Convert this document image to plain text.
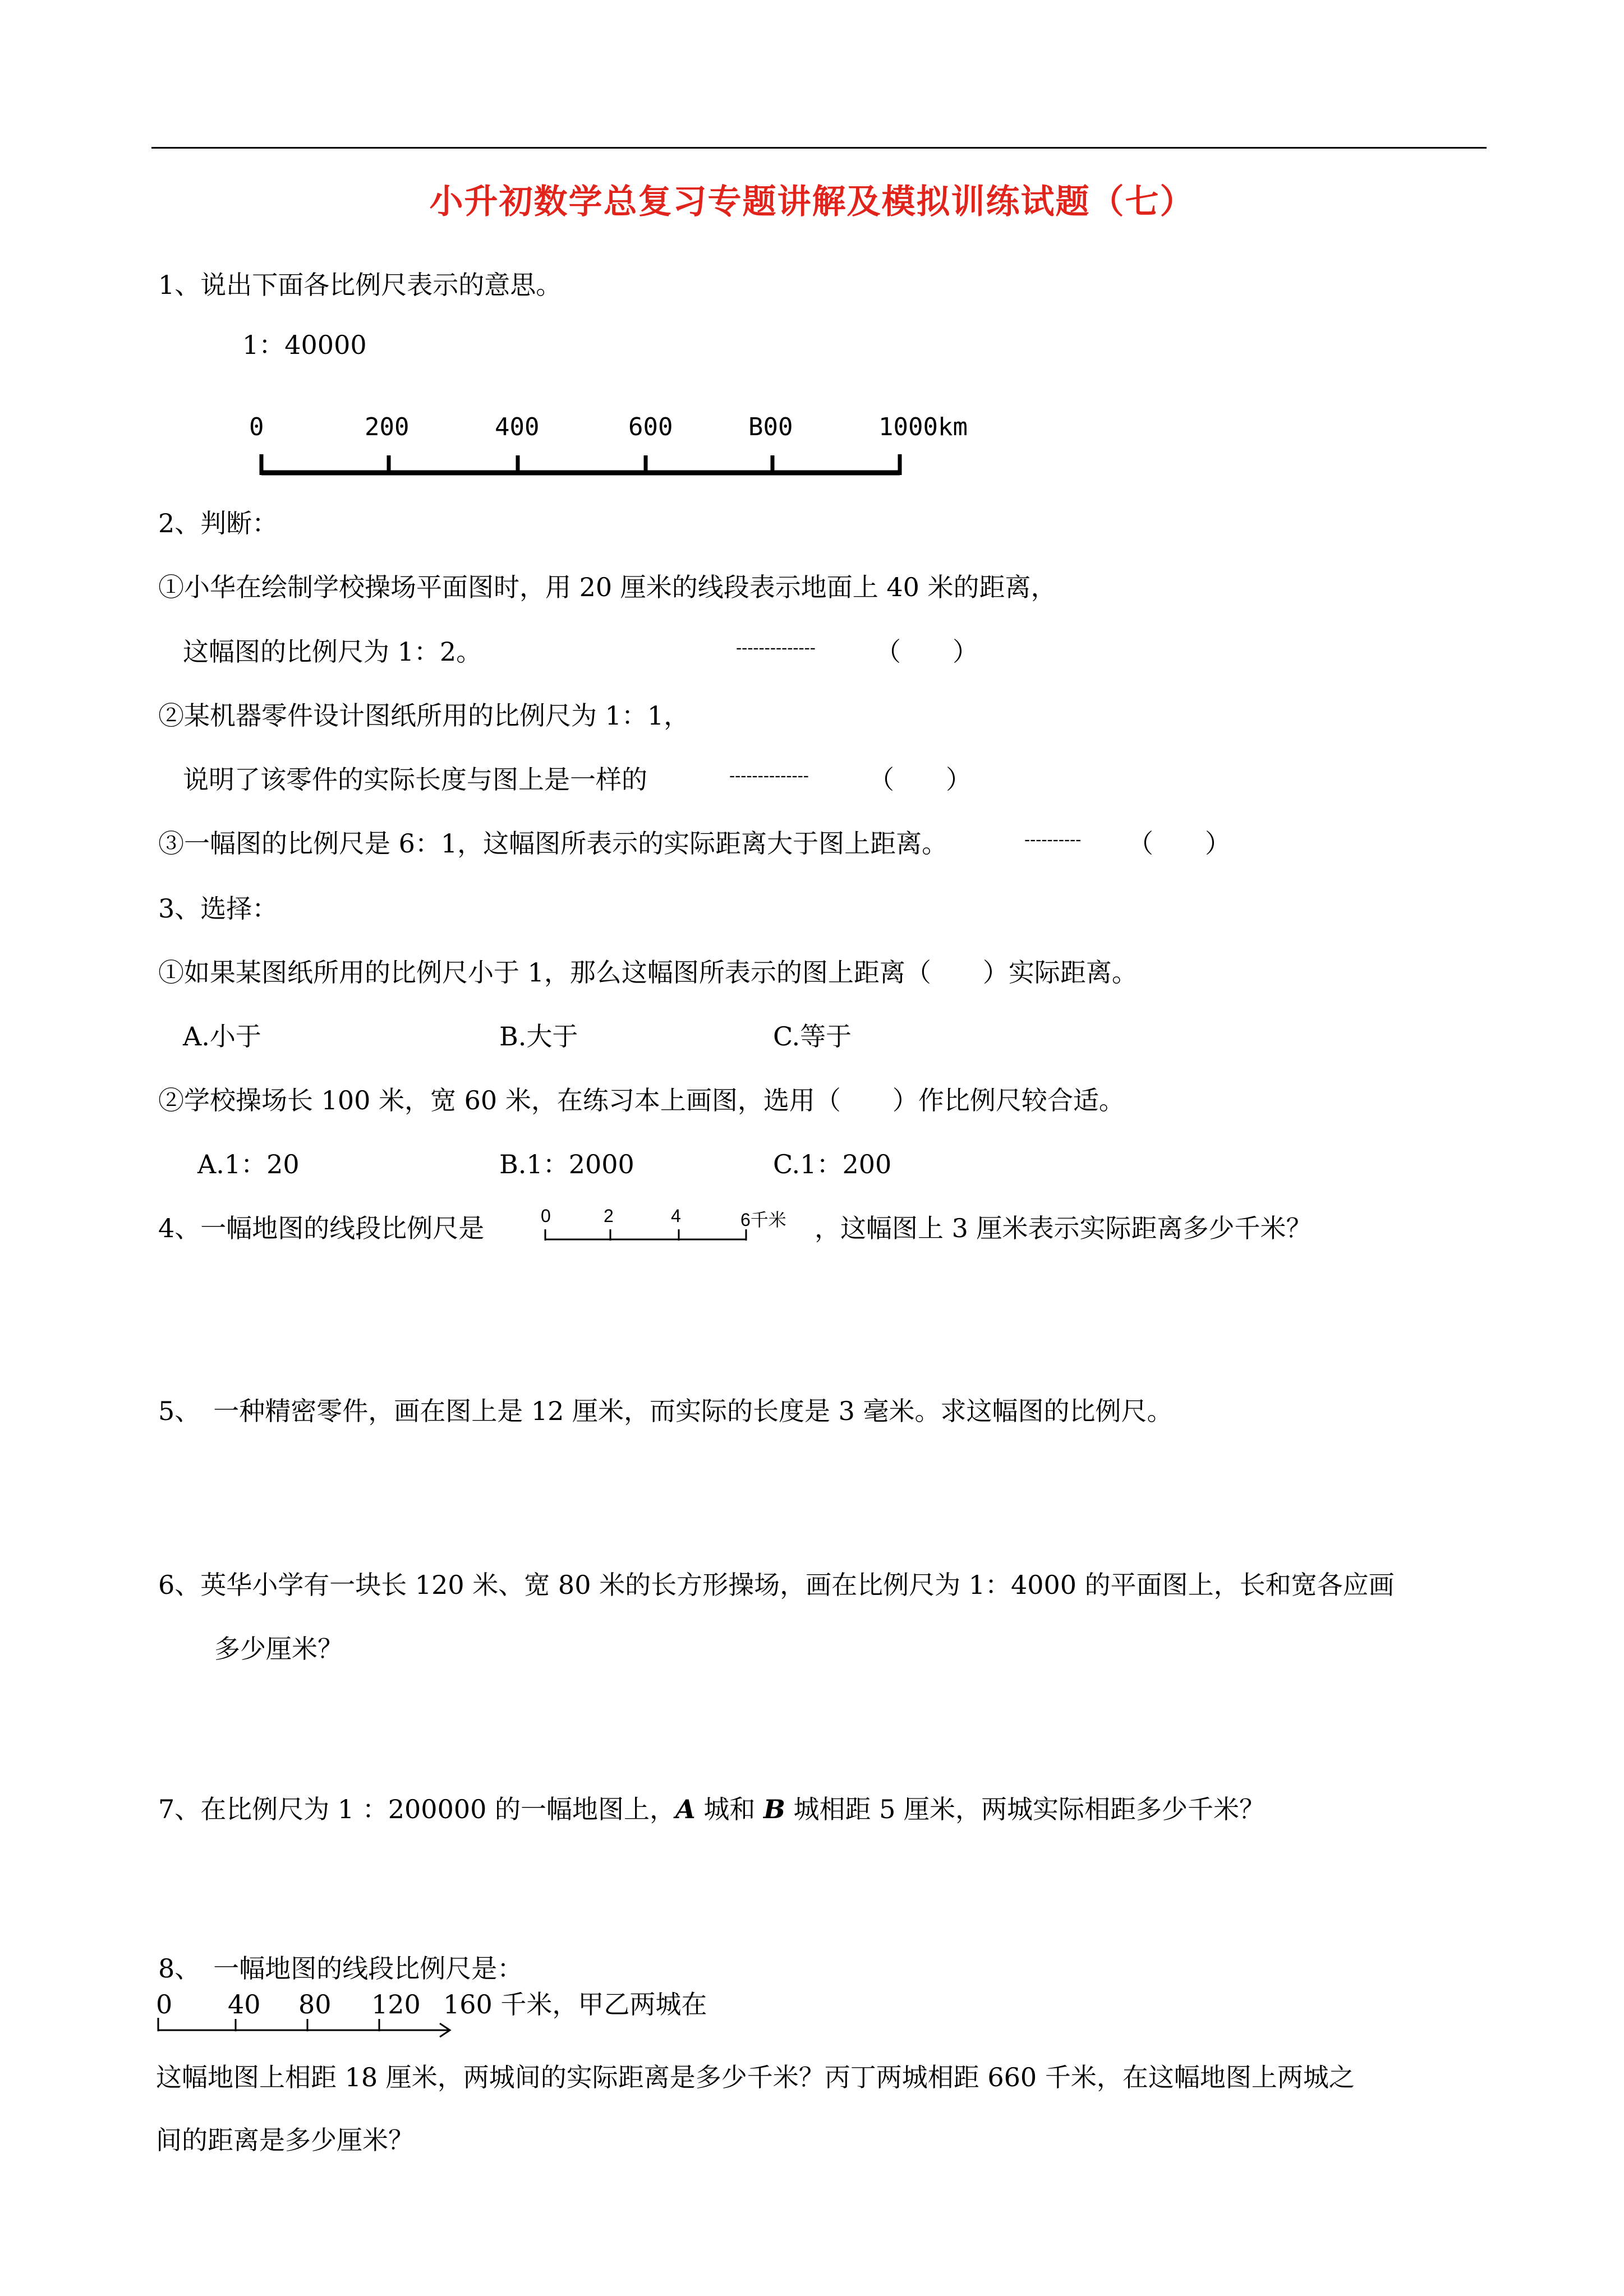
小升初数学总复习专题讲解及模拟训练试题（七）
1、说出下面各比例尺表示的意思。
1：40000
0	200	400	600	B00	1000km
2、判断：
①小华在绘制学校操场平面图时，用 20 厘米的线段表示地面上 40 米的距离，
这幅图的比例尺为 1：2。	-------------- （　　）
②某机器零件设计图纸所用的比例尺为 1：1，
说明了该零件的实际长度与图上是一样的	-------------- （　　）
③一幅图的比例尺是 6：1，这幅图所表示的实际距离大于图上距离。	---------- （　　）
3、选择：
①如果某图纸所用的比例尺小于 1，那么这幅图所表示的图上距离（　　）实际距离。
A.小于	B.大于	C.等于
②学校操场长 100 米，宽 60 米，在练习本上画图，选用（　　）作比例尺较合适。
A.1：20	B.1：2000	C.1：200
4、一幅地图的线段比例尺是	0	2	4	6千米 ，这幅图上 3 厘米表示实际距离多少千米？
5、　一种精密零件，画在图上是 12 厘米，而实际的长度是 3 毫米。求这幅图的比例尺。
6、英华小学有一块长 120 米、宽 80 米的长方形操场，画在比例尺为 1：4000 的平面图上，长和宽各应画
多少厘米？
7、在比例尺为 1 ：200000 的一幅地图上，A 城和 B 城相距 5 厘米，两城实际相距多少千米？
8、　一幅地图的线段比例尺是：
0 40 80 120 160 千米，甲乙两城在
这幅地图上相距 18 厘米，两城间的实际距离是多少千米？丙丁两城相距 660 千米，在这幅地图上两城之
间的距离是多少厘米？
